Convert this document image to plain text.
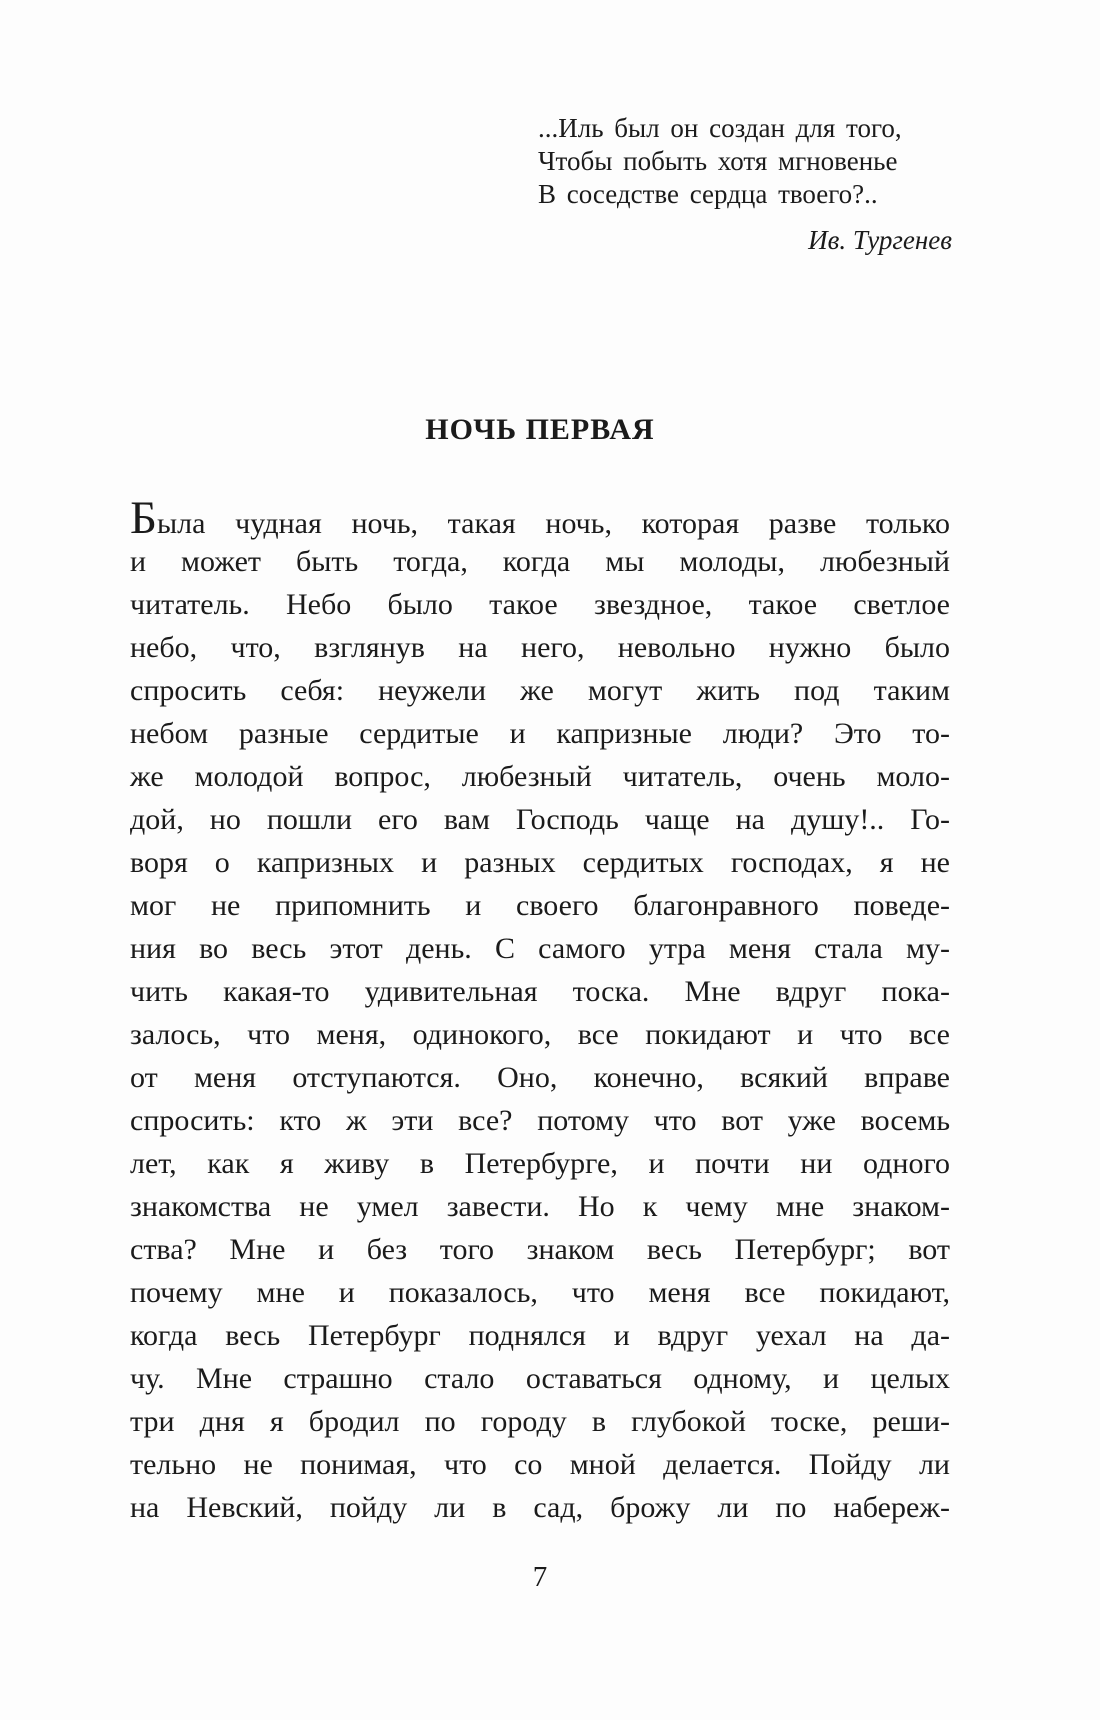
...Иль был он создан для того,
Чтобы побыть хотя мгновенье
В соседстве сердца твоего?..
Ив. Тургенев
НОЧЬ ПЕРВАЯ
Была чудная ночь, такая ночь, которая разве только
и может быть тогда, когда мы молоды, любезный
читатель. Небо было такое звездное, такое светлое
небо, что, взглянув на него, невольно нужно было
спросить себя: неужели же могут жить под таким
небом разные сердитые и капризные люди? Это то-
же молодой вопрос, любезный читатель, очень моло-
дой, но пошли его вам Господь чаще на душу!.. Го-
воря о капризных и разных сердитых господах, я не
мог не припомнить и своего благонравного поведе-
ния во весь этот день. С самого утра меня стала му-
чить какая-то удивительная тоска. Мне вдруг пока-
залось, что меня, одинокого, все покидают и что все
от меня отступаются. Оно, конечно, всякий вправе
спросить: кто ж эти все? потому что вот уже восемь
лет, как я живу в Петербурге, и почти ни одного
знакомства не умел завести. Но к чему мне знаком-
ства? Мне и без того знаком весь Петербург; вот
почему мне и показалось, что меня все покидают,
когда весь Петербург поднялся и вдруг уехал на да-
чу. Мне страшно стало оставаться одному, и целых
три дня я бродил по городу в глубокой тоске, реши-
тельно не понимая, что со мной делается. Пойду ли
на Невский, пойду ли в сад, брожу ли по набереж-
7
